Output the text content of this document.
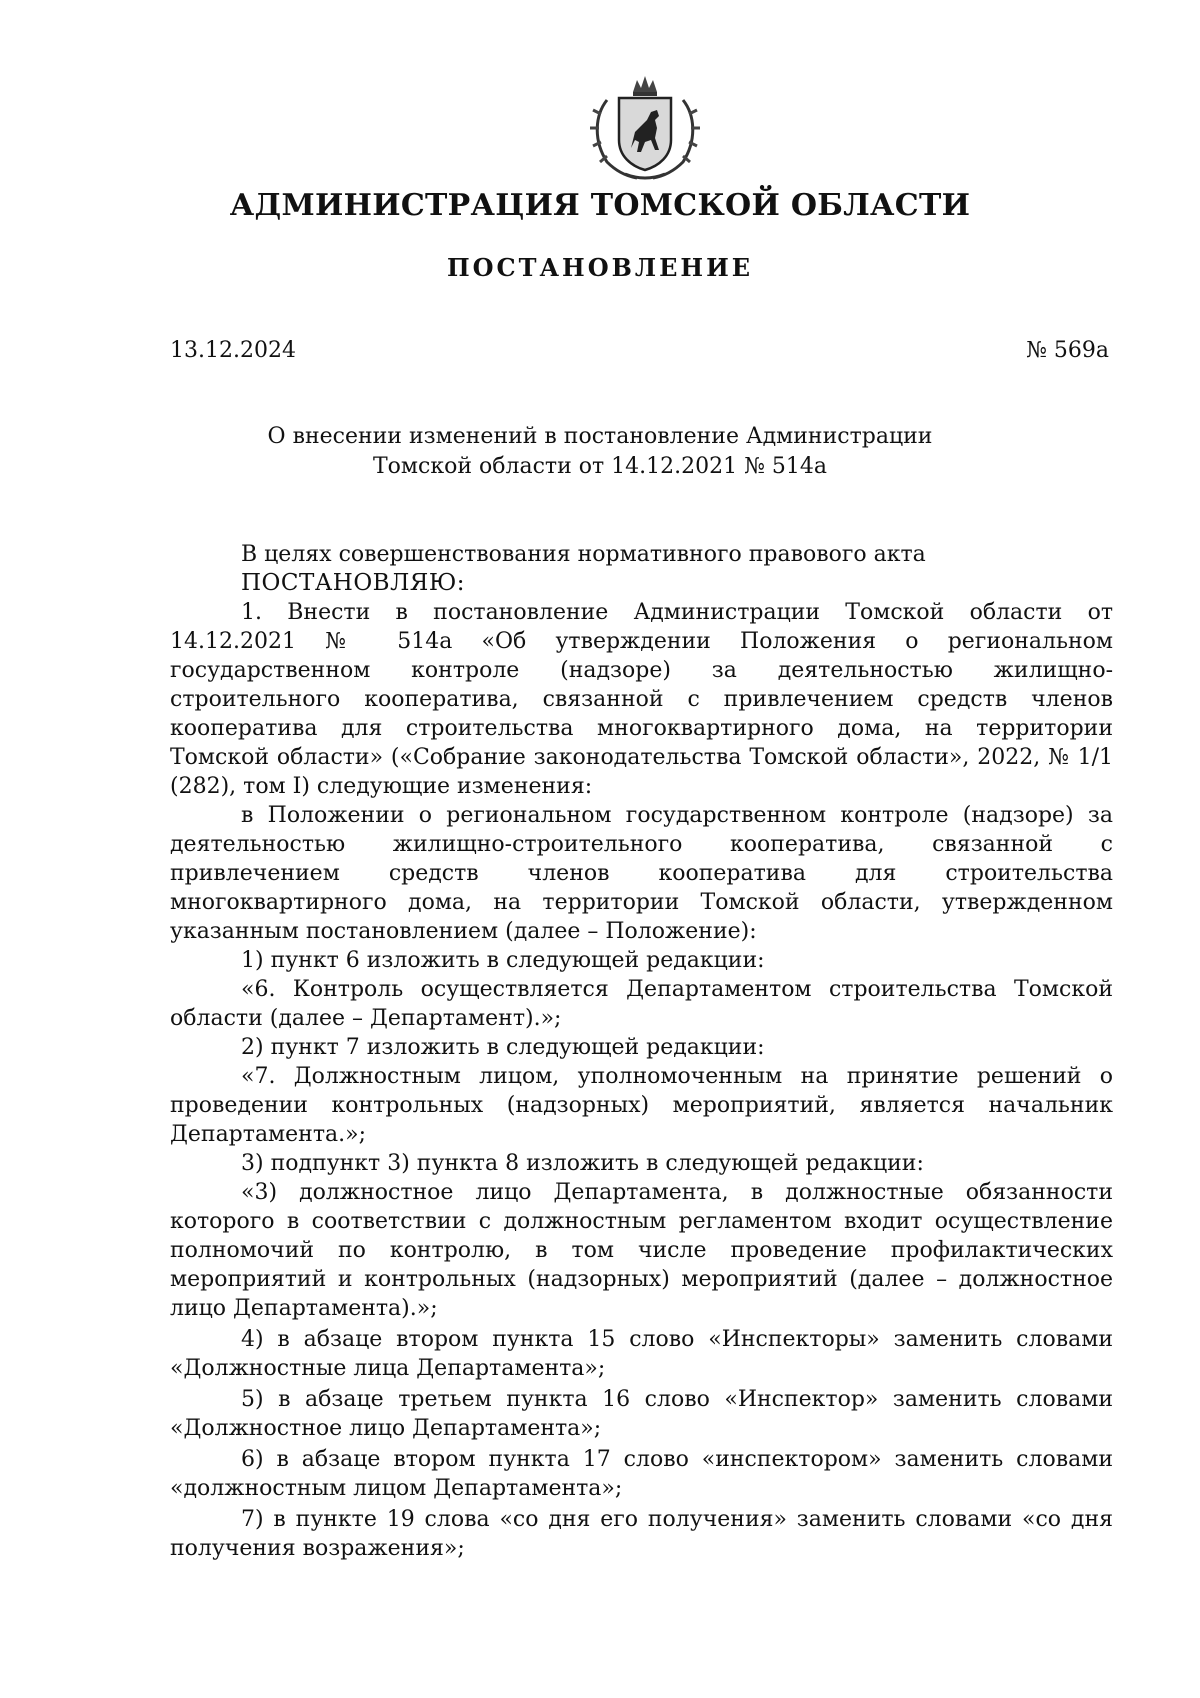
АДМИНИСТРАЦИЯ ТОМСКОЙ ОБЛАСТИ
ПОСТАНОВЛЕНИЕ

13.12.2024	№ 569а

О внесении изменений в постановление Администрации
Томской области от 14.12.2021 № 514а

В целях совершенствования нормативного правового акта

ПОСТАНОВЛЯЮ:

1. Внести в постановление Администрации Томской области от 14.12.2021 № 514а «Об утверждении Положения о региональном государственном контроле (надзоре) за деятельностью жилищно-строительного кооператива, связанной с привлечением средств членов кооператива для строительства многоквартирного дома, на территории Томской области» («Собрание законодательства Томской области», 2022, № 1/1 (282), том I) следующие изменения:

в Положении о региональном государственном контроле (надзоре) за деятельностью жилищно-строительного кооператива, связанной с привлечением средств членов кооператива для строительства многоквартирного дома, на территории Томской области, утвержденном указанным постановлением (далее – Положение):

1) пункт 6 изложить в следующей редакции:

«6. Контроль осуществляется Департаментом строительства Томской области (далее – Департамент).»;

2) пункт 7 изложить в следующей редакции:

«7. Должностным лицом, уполномоченным на принятие решений о проведении контрольных (надзорных) мероприятий, является начальник Департамента.»;

3) подпункт 3) пункта 8 изложить в следующей редакции:

«3) должностное лицо Департамента, в должностные обязанности которого в соответствии с должностным регламентом входит осуществление полномочий по контролю, в том числе проведение профилактических мероприятий и контрольных (надзорных) мероприятий (далее – должностное лицо Департамента).»;

4) в абзаце втором пункта 15 слово «Инспекторы» заменить словами «Должностные лица Департамента»;

5) в абзаце третьем пункта 16 слово «Инспектор» заменить словами «Должностное лицо Департамента»;

6) в абзаце втором пункта 17 слово «инспектором» заменить словами «должностным лицом Департамента»;

7) в пункте 19 слова «со дня его получения» заменить словами «со дня получения возражения»;
